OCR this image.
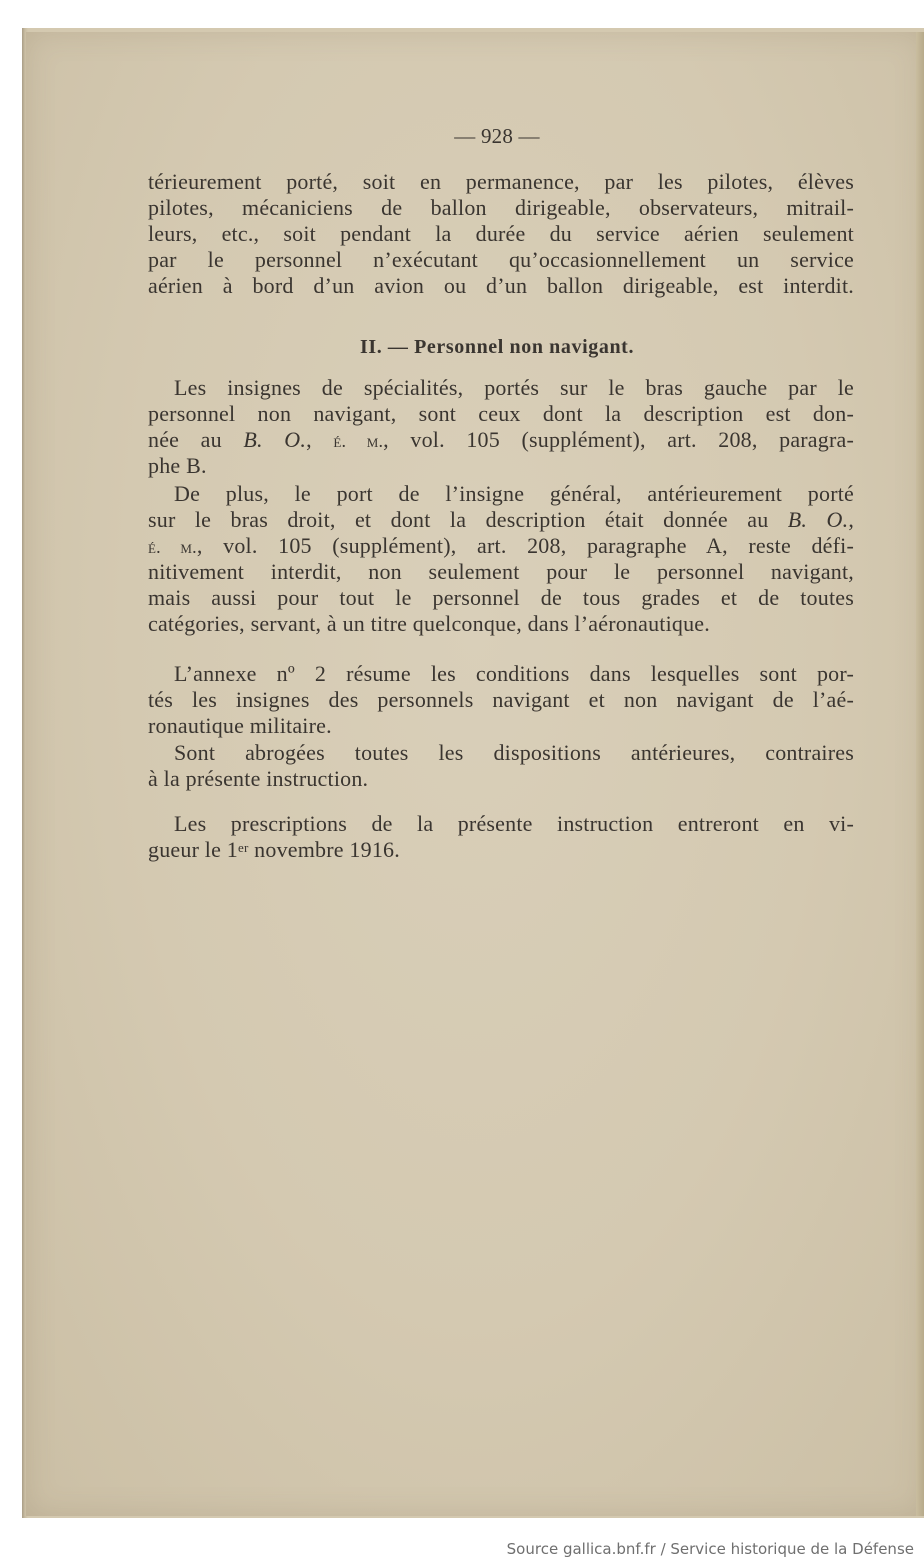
— 928 —
térieurement porté, soit en permanence, par les pilotes, élèves
pilotes, mécaniciens de ballon dirigeable, observateurs, mitrail-
leurs, etc., soit pendant la durée du service aérien seulement
par le personnel n’exécutant qu’occasionnellement un service
aérien à bord d’un avion ou d’un ballon dirigeable, est interdit.
II. — Personnel non navigant.
Les insignes de spécialités, portés sur le bras gauche par le
personnel non navigant, sont ceux dont la description est don-
née au B. O., é. m., vol. 105 (supplément), art. 208, paragra-
phe B.
De plus, le port de l’insigne général, antérieurement porté
sur le bras droit, et dont la description était donnée au B. O.,
é. m., vol. 105 (supplément), art. 208, paragraphe A, reste défi-
nitivement interdit, non seulement pour le personnel navigant,
mais aussi pour tout le personnel de tous grades et de toutes
catégories, servant, à un titre quelconque, dans l’aéronautique.
L’annexe nº 2 résume les conditions dans lesquelles sont por-
tés les insignes des personnels navigant et non navigant de l’aé-
ronautique militaire.
Sont abrogées toutes les dispositions antérieures, contraires
à la présente instruction.
Les prescriptions de la présente instruction entreront en vi-
gueur le 1er novembre 1916.
Source gallica.bnf.fr / Service historique de la Défense
